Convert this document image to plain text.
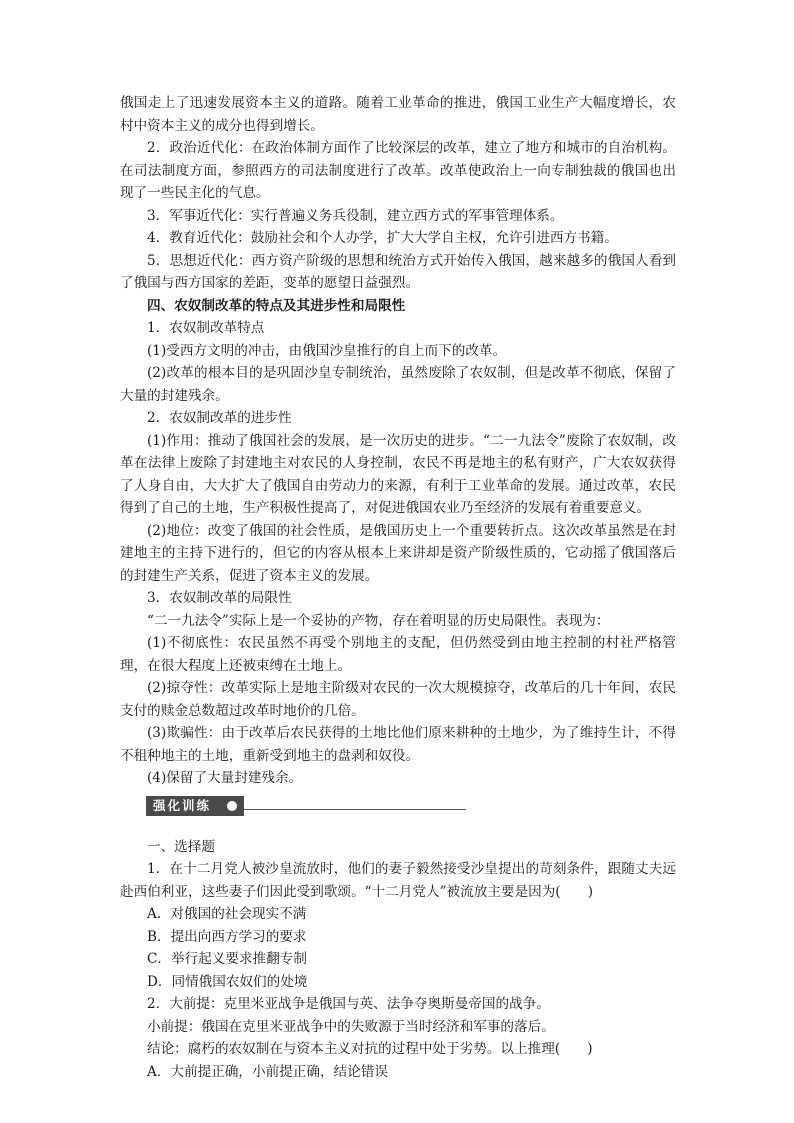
俄国走上了迅速发展资本主义的道路。随着工业革命的推进，俄国工业生产大幅度增长，农村中资本主义的成分也得到增长。

2．政治近代化：在政治体制方面作了比较深层的改革，建立了地方和城市的自治机构。在司法制度方面，参照西方的司法制度进行了改革。改革使政治上一向专制独裁的俄国也出现了一些民主化的气息。

3．军事近代化：实行普遍义务兵役制，建立西方式的军事管理体系。

4．教育近代化：鼓励社会和个人办学，扩大大学自主权，允许引进西方书籍。

5．思想近代化：西方资产阶级的思想和统治方式开始传入俄国，越来越多的俄国人看到了俄国与西方国家的差距，变革的愿望日益强烈。

四、农奴制改革的特点及其进步性和局限性

1．农奴制改革特点

(1)受西方文明的冲击，由俄国沙皇推行的自上而下的改革。

(2)改革的根本目的是巩固沙皇专制统治，虽然废除了农奴制，但是改革不彻底，保留了大量的封建残余。

2．农奴制改革的进步性

(1)作用：推动了俄国社会的发展，是一次历史的进步。“二一九法令”废除了农奴制，改革在法律上废除了封建地主对农民的人身控制，农民不再是地主的私有财产，广大农奴获得了人身自由，大大扩大了俄国自由劳动力的来源，有利于工业革命的发展。通过改革，农民得到了自己的土地，生产积极性提高了，对促进俄国农业乃至经济的发展有着重要意义。

(2)地位：改变了俄国的社会性质，是俄国历史上一个重要转折点。这次改革虽然是在封建地主的主持下进行的，但它的内容从根本上来讲却是资产阶级性质的，它动摇了俄国落后的封建生产关系，促进了资本主义的发展。

3．农奴制改革的局限性

“二一九法令”实际上是一个妥协的产物，存在着明显的历史局限性。表现为：

(1)不彻底性：农民虽然不再受个别地主的支配，但仍然受到由地主控制的村社严格管理，在很大程度上还被束缚在土地上。

(2)掠夺性：改革实际上是地主阶级对农民的一次大规模掠夺，改革后的几十年间，农民支付的赎金总数超过改革时地价的几倍。

(3)欺骗性：由于改革后农民获得的土地比他们原来耕种的土地少，为了维持生计，不得不租种地主的土地，重新受到地主的盘剥和奴役。

(4)保留了大量封建残余。

强化训练

一、选择题

1．在十二月党人被沙皇流放时，他们的妻子毅然接受沙皇提出的苛刻条件，跟随丈夫远赴西伯利亚，这些妻子们因此受到歌颂。“十二月党人”被流放主要是因为(　　)

A．对俄国的社会现实不满

B．提出向西方学习的要求

C．举行起义要求推翻专制

D．同情俄国农奴们的处境

2．大前提：克里米亚战争是俄国与英、法争夺奥斯曼帝国的战争。

小前提：俄国在克里米亚战争中的失败源于当时经济和军事的落后。

结论：腐朽的农奴制在与资本主义对抗的过程中处于劣势。以上推理(　　)

A．大前提正确，小前提正确，结论错误
